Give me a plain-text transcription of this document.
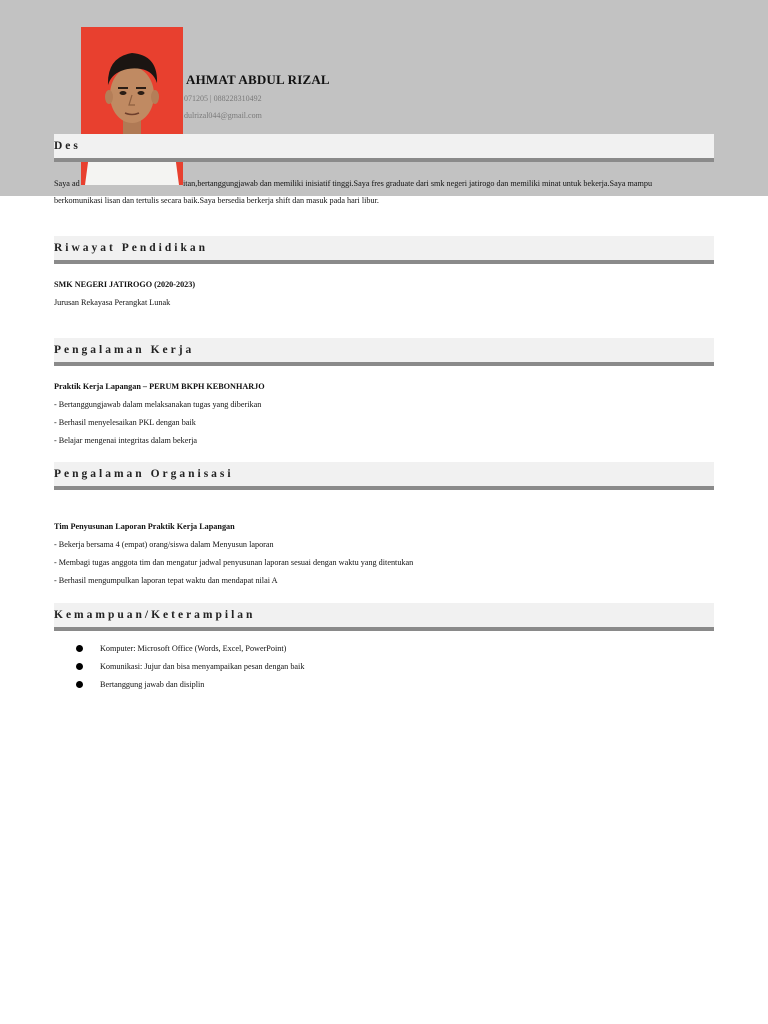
AHMAT ABDUL RIZAL
071205 | 088228310492
dulrizal044@gmail.com
Des
Saya ad	itan,bertanggungjawab dan memiliki inisiatif tinggi.Saya fres graduate dari smk negeri jatirogo dan memiliki minat untuk bekerja.Saya mampu
berkomunikasi lisan dan tertulis secara baik.Saya bersedia berkerja shift dan masuk pada hari libur.
Riwayat Pendidikan
SMK NEGERI JATIROGO (2020-2023)
Jurusan Rekayasa Perangkat Lunak
Pengalaman Kerja
Praktik Kerja Lapangan – PERUM BKPH KEBONHARJO
- Bertanggungjawab dalam melaksanakan tugas yang diberikan
- Berhasil menyelesaikan PKL dengan baik
- Belajar mengenai integritas dalam bekerja
Pengalaman Organisasi
Tim Penyusunan Laporan Praktik Kerja Lapangan
- Bekerja bersama 4 (empat) orang/siswa dalam Menyusun laporan
- Membagi tugas anggota tim dan mengatur jadwal penyusunan laporan sesuai dengan waktu yang ditentukan
- Berhasil mengumpulkan laporan tepat waktu dan mendapat nilai A
Kemampuan/Keterampilan
Komputer: Microsoft Office (Words, Excel, PowerPoint)
Komunikasi: Jujur dan bisa menyampaikan pesan dengan baik
Bertanggung jawab dan disiplin
